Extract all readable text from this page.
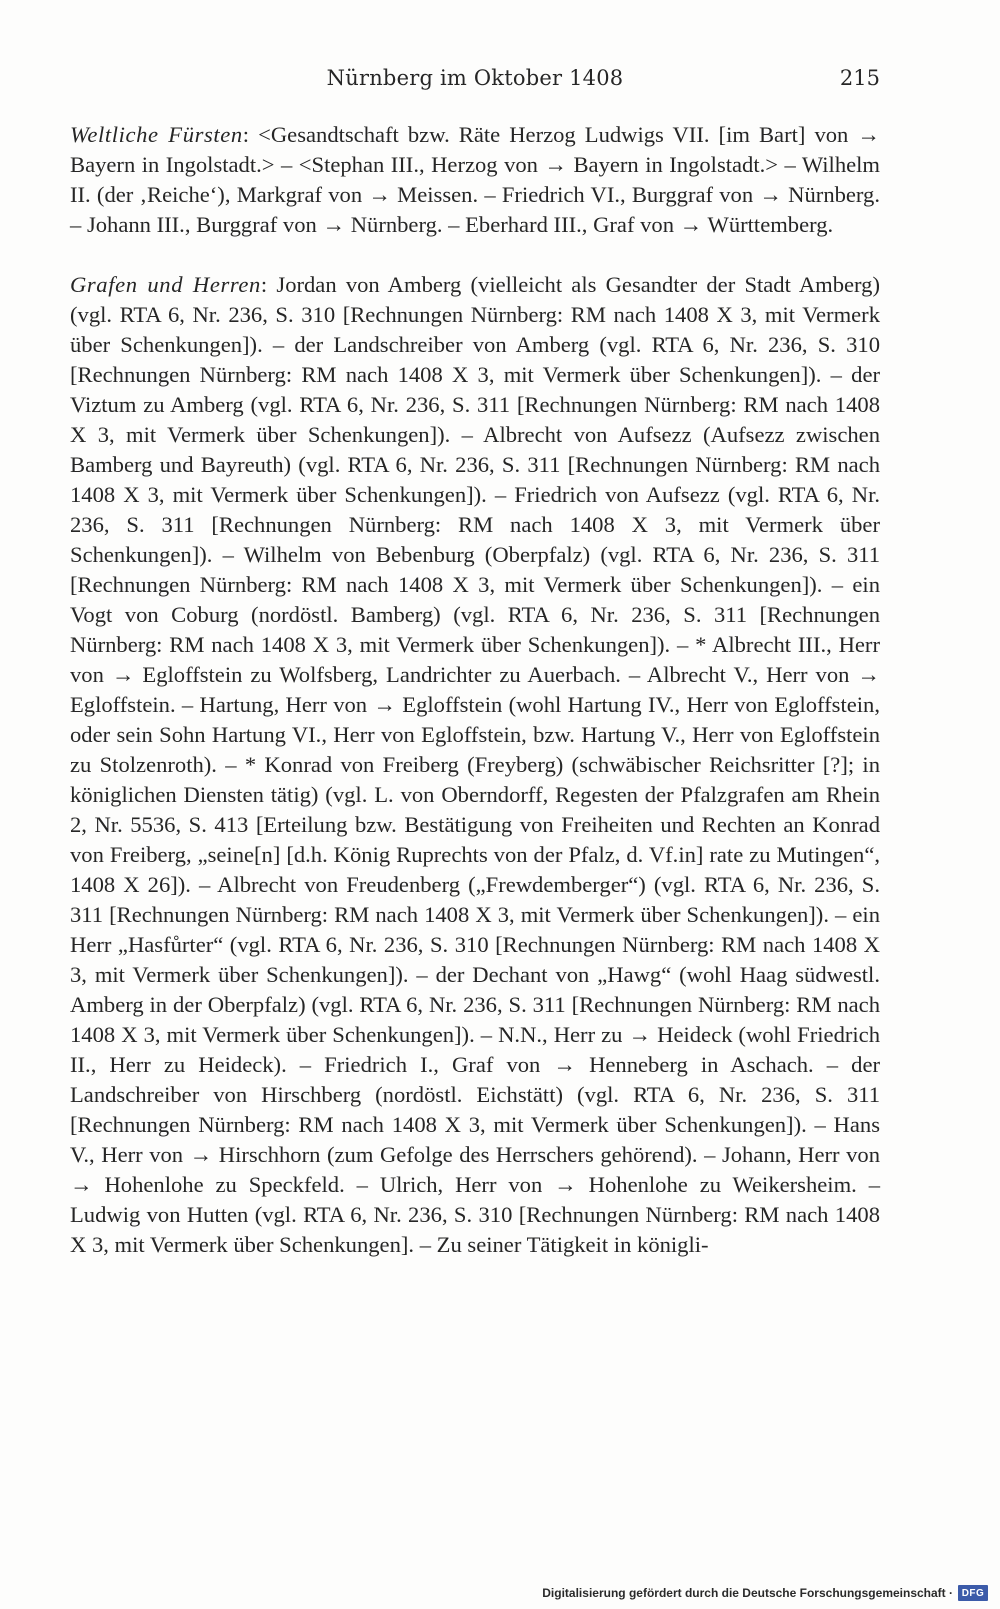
Nürnberg im Oktober 1408	215

Weltliche Fürsten: <Gesandtschaft bzw. Räte Herzog Ludwigs VII. [im Bart] von → Bayern in Ingolstadt.> – <Stephan III., Herzog von → Bayern in Ingolstadt.> – Wilhelm II. (der ‚Reiche‘), Markgraf von → Meissen. – Friedrich VI., Burggraf von → Nürnberg. – Johann III., Burggraf von → Nürnberg. – Eberhard III., Graf von → Württemberg.

Grafen und Herren: Jordan von Amberg (vielleicht als Gesandter der Stadt Amberg) (vgl. RTA 6, Nr. 236, S. 310 [Rechnungen Nürnberg: RM nach 1408 X 3, mit Vermerk über Schenkungen]). – der Landschreiber von Amberg (vgl. RTA 6, Nr. 236, S. 310 [Rechnungen Nürnberg: RM nach 1408 X 3, mit Vermerk über Schenkungen]). – der Viztum zu Amberg (vgl. RTA 6, Nr. 236, S. 311 [Rechnungen Nürnberg: RM nach 1408 X 3, mit Vermerk über Schenkungen]). – Albrecht von Aufsezz (Aufsezz zwischen Bamberg und Bayreuth) (vgl. RTA 6, Nr. 236, S. 311 [Rechnungen Nürnberg: RM nach 1408 X 3, mit Vermerk über Schenkungen]). – Friedrich von Aufsezz (vgl. RTA 6, Nr. 236, S. 311 [Rechnungen Nürnberg: RM nach 1408 X 3, mit Vermerk über Schenkungen]). – Wilhelm von Bebenburg (Oberpfalz) (vgl. RTA 6, Nr. 236, S. 311 [Rechnungen Nürnberg: RM nach 1408 X 3, mit Vermerk über Schenkungen]). – ein Vogt von Coburg (nordöstl. Bamberg) (vgl. RTA 6, Nr. 236, S. 311 [Rechnungen Nürnberg: RM nach 1408 X 3, mit Vermerk über Schenkungen]). – * Albrecht III., Herr von → Egloffstein zu Wolfsberg, Landrichter zu Auerbach. – Albrecht V., Herr von → Egloffstein. – Hartung, Herr von → Egloffstein (wohl Hartung IV., Herr von Egloffstein, oder sein Sohn Hartung VI., Herr von Egloffstein, bzw. Hartung V., Herr von Egloffstein zu Stolzenroth). – * Konrad von Freiberg (Freyberg) (schwäbischer Reichsritter [?]; in königlichen Diensten tätig) (vgl. L. von Oberndorff, Regesten der Pfalzgrafen am Rhein 2, Nr. 5536, S. 413 [Erteilung bzw. Bestätigung von Freiheiten und Rechten an Konrad von Freiberg, „seine[n] [d.h. König Ruprechts von der Pfalz, d. Vf.in] rate zu Mutingen“, 1408 X 26]). – Albrecht von Freudenberg („Frewdemberger“) (vgl. RTA 6, Nr. 236, S. 311 [Rechnungen Nürnberg: RM nach 1408 X 3, mit Vermerk über Schenkungen]). – ein Herr „Hasfůrter“ (vgl. RTA 6, Nr. 236, S. 310 [Rechnungen Nürnberg: RM nach 1408 X 3, mit Vermerk über Schenkungen]). – der Dechant von „Hawg“ (wohl Haag südwestl. Amberg in der Oberpfalz) (vgl. RTA 6, Nr. 236, S. 311 [Rechnungen Nürnberg: RM nach 1408 X 3, mit Vermerk über Schenkungen]). – N.N., Herr zu → Heideck (wohl Friedrich II., Herr zu Heideck). – Friedrich I., Graf von → Henneberg in Aschach. – der Landschreiber von Hirschberg (nordöstl. Eichstätt) (vgl. RTA 6, Nr. 236, S. 311 [Rechnungen Nürnberg: RM nach 1408 X 3, mit Vermerk über Schenkungen]). – Hans V., Herr von → Hirschhorn (zum Gefolge des Herrschers gehörend). – Johann, Herr von → Hohenlohe zu Speckfeld. – Ulrich, Herr von → Hohenlohe zu Weikersheim. – Ludwig von Hutten (vgl. RTA 6, Nr. 236, S. 310 [Rechnungen Nürnberg: RM nach 1408 X 3, mit Vermerk über Schenkungen]. – Zu seiner Tätigkeit in königli-

Digitalisierung gefördert durch die Deutsche Forschungsgemeinschaft · DFG
